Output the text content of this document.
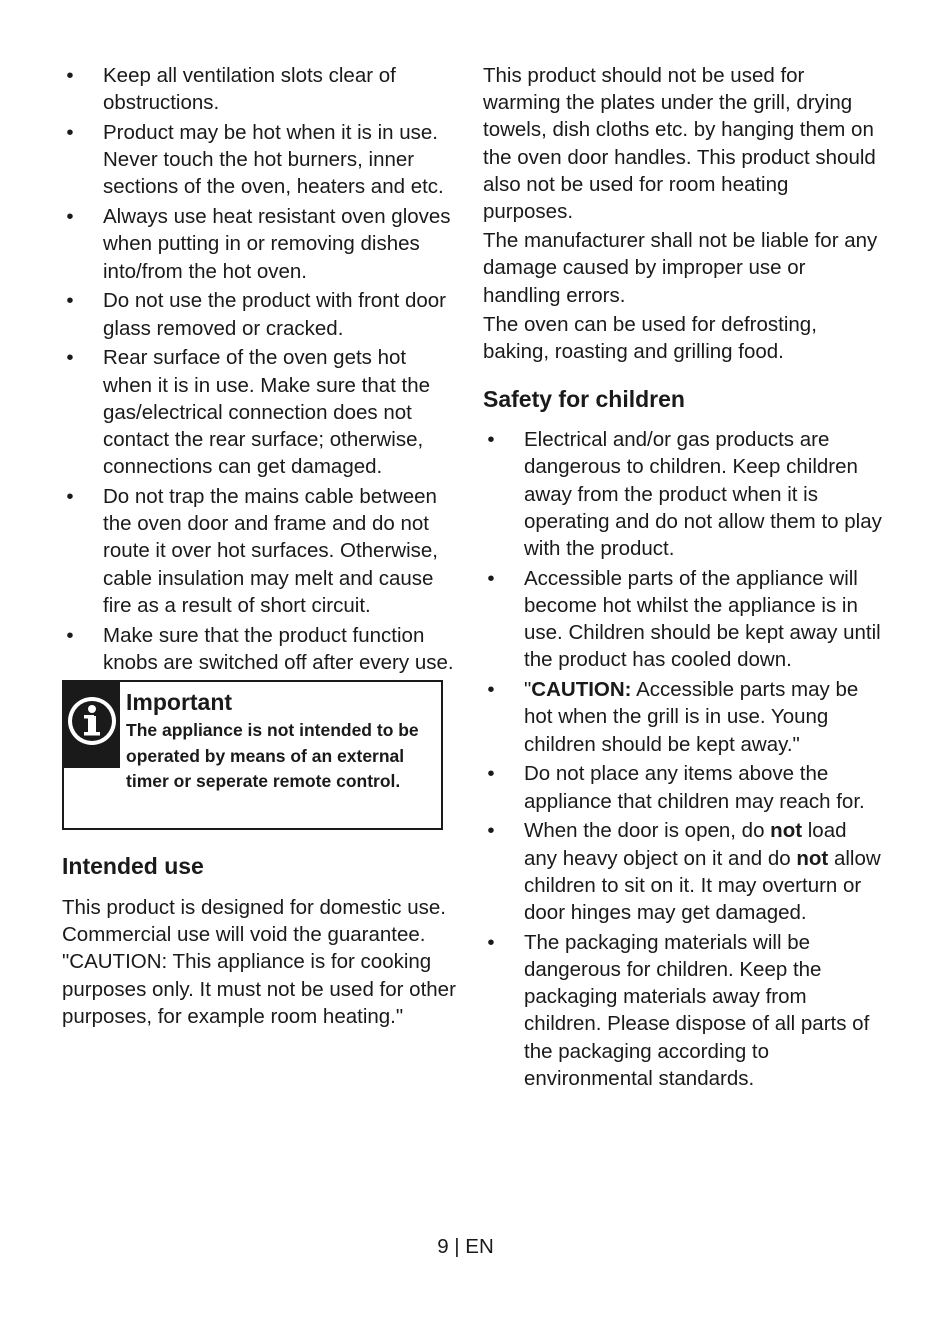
• Keep all ventilation slots clear of obstructions.
• Product may be hot when it is in use. Never touch the hot burners, inner sections of the oven, heaters and etc.
• Always use heat resistant oven gloves when putting in or removing dishes into/from the hot oven.
• Do not use the product with front door glass removed or cracked.
• Rear surface of the oven gets hot when it is in use. Make sure that the gas/electrical connection does not contact the rear surface; otherwise, connections can get damaged.
• Do not trap the mains cable between the oven door and frame and do not route it over hot surfaces. Otherwise, cable insulation may melt and cause fire as a result of short circuit.
• Make sure that the product function knobs are switched off after every use.

Important

The appliance is not intended to be operated by means of an external timer or seperate remote control.

Intended use

This product is designed for domestic use. Commercial use will void the guarantee.

"CAUTION: This appliance is for cooking purposes only. It must not be used for other purposes, for example room heating."

This product should not be used for warming the plates under the grill, drying towels, dish cloths etc. by hanging them on the oven door handles. This product should also not be used for room heating purposes.

The manufacturer shall not be liable for any damage caused by improper use or handling errors.

The oven can be used for defrosting, baking, roasting and grilling food.

Safety for children
• Electrical and/or gas products are dangerous to children. Keep children away from the product when it is operating and do not allow them to play with the product.
• Accessible parts of the appliance will become hot whilst the appliance is in use. Children should be kept away until the product has cooled down.
• "CAUTION: Accessible parts may be hot when the grill is in use. Young children should be kept away."
• Do not place any items above the appliance that children may reach for.
• When the door is open, do not load any heavy object on it and do not allow children to sit on it. It may overturn or door hinges may get damaged.
• The packaging materials will be dangerous for children. Keep the packaging materials away from children. Please dispose of all parts of the packaging according to environmental standards.
9 | EN
